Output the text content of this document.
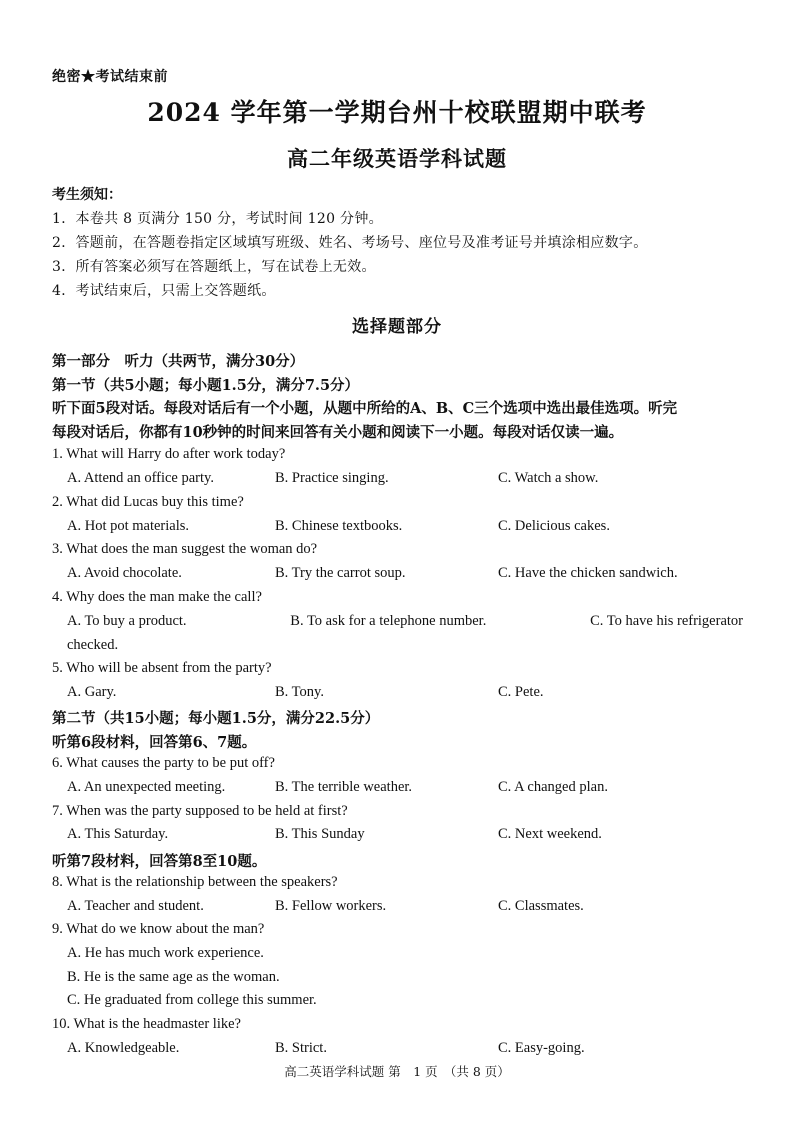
绝密★考试结束前
2024 学年第一学期台州十校联盟期中联考
高二年级英语学科试题
考生须知：
1．本卷共 8 页满分 150 分，考试时间 120 分钟。
2．答题前，在答题卷指定区域填写班级、姓名、考场号、座位号及准考证号并填涂相应数字。
3．所有答案必须写在答题纸上，写在试卷上无效。
4．考试结束后，只需上交答题纸。
选择题部分
第一部分　听力（共两节，满分30分）
第一节（共5小题；每小题1.5分，满分7.5分）
听下面5段对话。每段对话后有一个小题，从题中所给的A、B、C三个选项中选出最佳选项。听完
每段对话后，你都有10秒钟的时间来回答有关小题和阅读下一小题。每段对话仅读一遍。
1. What will Harry do after work today?
A. Attend an office party.	B. Practice singing.	C. Watch a show.
2. What did Lucas buy this time?
A. Hot pot materials.	B. Chinese textbooks.	C. Delicious cakes.
3. What does the man suggest the woman do?
A. Avoid chocolate.	B. Try the carrot soup.	C. Have the chicken sandwich.
4. Why does the man make the call?
A. To buy a product.	B. To ask for a telephone number.	C. To have his refrigerator
checked.
5. Who will be absent from the party?
A. Gary.	B. Tony.	C. Pete.
第二节（共15小题；每小题1.5分，满分22.5分）
听第6段材料，回答第6、7题。
6. What causes the party to be put off?
A. An unexpected meeting.	B. The terrible weather.	C. A changed plan.
7. When was the party supposed to be held at first?
A. This Saturday.	B. This Sunday	C. Next weekend.
听第7段材料，回答第8至10题。
8. What is the relationship between the speakers?
A. Teacher and student.	B. Fellow workers.	C. Classmates.
9. What do we know about the man?
A. He has much work experience.
B. He is the same age as the woman.
C. He graduated from college this summer.
10. What is the headmaster like?
A. Knowledgeable.	B. Strict.	C. Easy-going.
高二英语学科试题 第　1 页　（共 8 页）
